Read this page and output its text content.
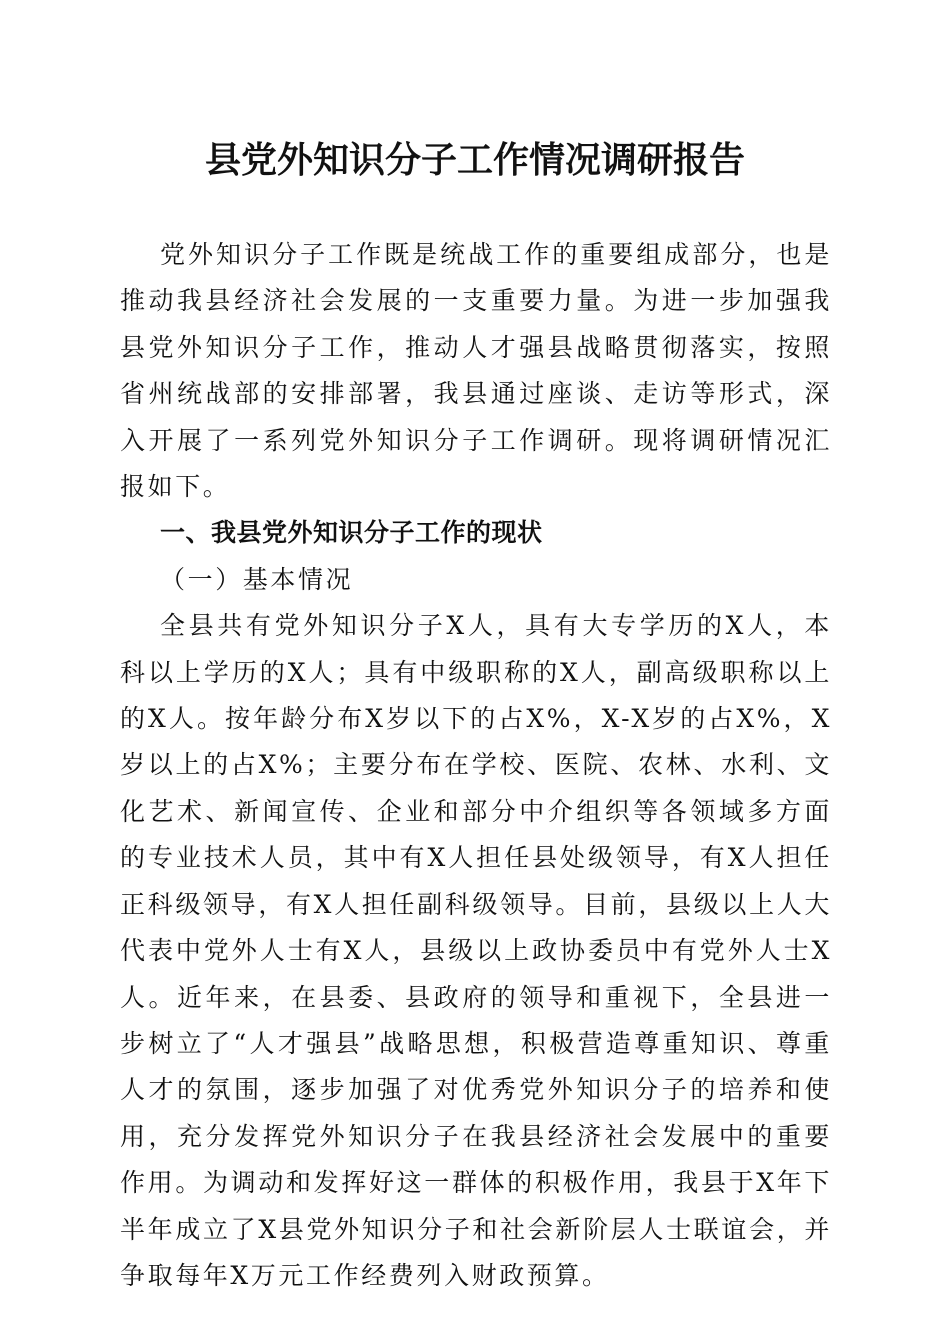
县党外知识分子工作情况调研报告

党外知识分子工作既是统战工作的重要组成部分，也是推动我县经济社会发展的一支重要力量。为进一步加强我县党外知识分子工作，推动人才强县战略贯彻落实，按照省州统战部的安排部署，我县通过座谈、走访等形式，深入开展了一系列党外知识分子工作调研。现将调研情况汇报如下。

一、我县党外知识分子工作的现状

（一）基本情况

全县共有党外知识分子X人，具有大专学历的X人，本科以上学历的X人；具有中级职称的X人，副高级职称以上的X人。按年龄分布X岁以下的占X%，X-X岁的占X%，X岁以上的占X%；主要分布在学校、医院、农林、水利、文化艺术、新闻宣传、企业和部分中介组织等各领域多方面的专业技术人员，其中有X人担任县处级领导，有X人担任正科级领导，有X人担任副科级领导。目前，县级以上人大代表中党外人士有X人，县级以上政协委员中有党外人士X人。近年来，在县委、县政府的领导和重视下，全县进一步树立了“人才强县”战略思想，积极营造尊重知识、尊重人才的氛围，逐步加强了对优秀党外知识分子的培养和使用，充分发挥党外知识分子在我县经济社会发展中的重要作用。为调动和发挥好这一群体的积极作用，我县于X年下半年成立了X县党外知识分子和社会新阶层人士联谊会，并争取每年X万元工作经费列入财政预算。
